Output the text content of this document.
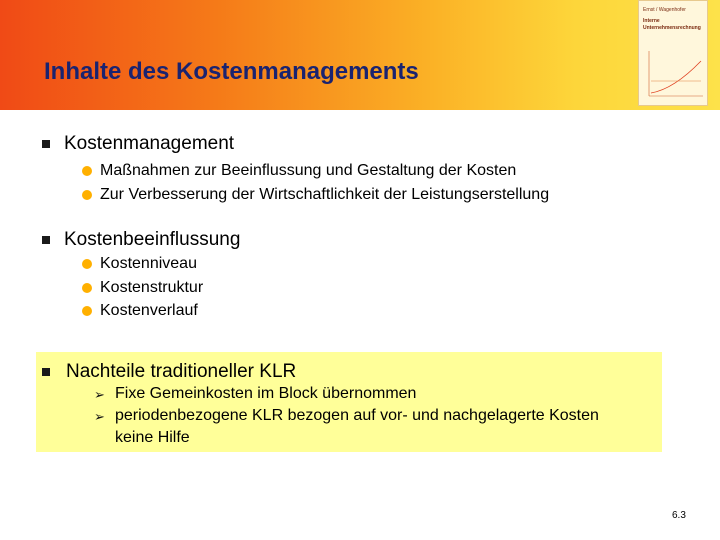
Inhalte des Kostenmanagements
Ernst / Wagenhofer
Interne
Unternehmensrechnung
Kostenmanagement
Maßnahmen zur Beeinflussung und Gestaltung der Kosten
Zur Verbesserung der Wirtschaftlichkeit der Leistungserstellung
Kostenbeeinflussung
Kostenniveau
Kostenstruktur
Kostenverlauf
Nachteile traditioneller KLR
➢ Fixe Gemeinkosten im Block übernommen
➢ periodenbezogene KLR bezogen auf vor- und nachgelagerte Kosten keine Hilfe
6.3
